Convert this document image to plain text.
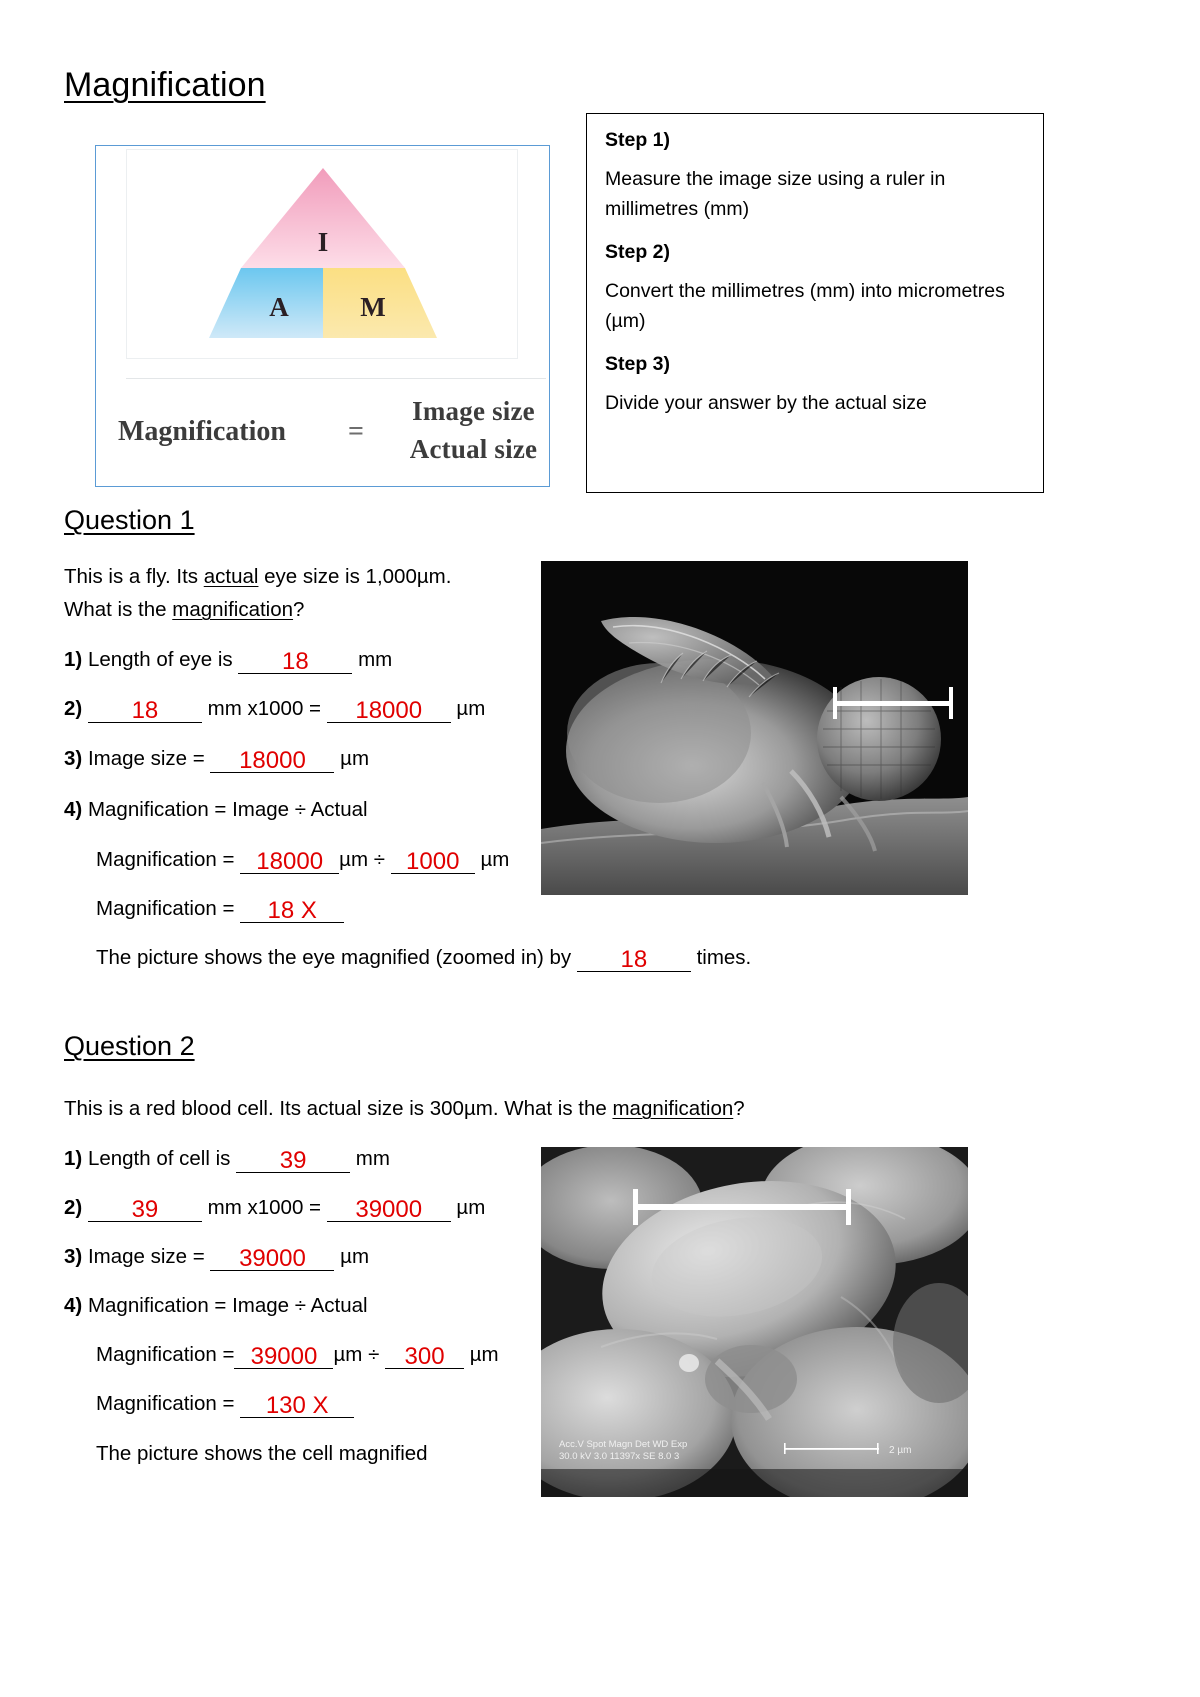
Magnification
I
A	M
Magnification =
Image size Actual size
Step 1)
Measure the image size using a ruler in millimetres (mm)
Step 2)
Convert the millimetres (mm) into micrometres (µm)
Step 3)
Divide your answer by the actual size
Question 1
This is a fly. Its actual eye size is 1,000µm.
What is the magnification?
1) Length of eye is 18 mm
2) 18 mm x1000 = 18000 µm
3) Image size = 18000 µm
4) Magnification = Image ÷ Actual
Magnification = 18000 µm ÷ 1000 µm
Magnification = 18 X
The picture shows the eye magnified (zoomed in) by 18 times.
Question 2
This is a red blood cell. Its actual size is 300µm. What is the magnification?
1) Length of cell is 39 mm
2) 39 mm x1000 = 39000 µm
3) Image size = 39000 µm
4) Magnification = Image ÷ Actual
Magnification = 39000 µm ÷ 300 µm
Magnification = 130 X
The picture shows the cell magnified	Acc.V Spot Magn Det WD Exp
30.0 kV 3.0 11397x SE 8.0 3
2 µm
